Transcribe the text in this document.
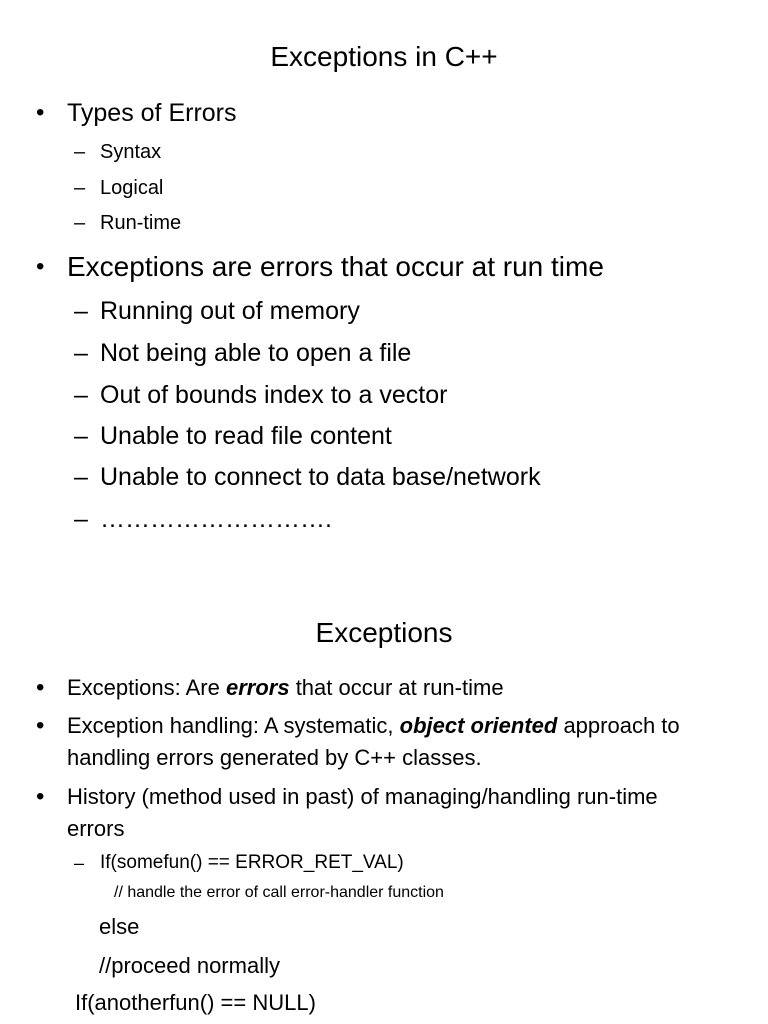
Exceptions in C++
• Types of Errors
– Syntax
– Logical
– Run-time
• Exceptions are errors that occur at run time
– Running out of memory
– Not being able to open a file
– Out of bounds index to a vector
– Unable to read file content
– Unable to connect to data base/network
– ……………………….
Exceptions
• Exceptions: Are errors that occur at run-time
• Exception handling: A systematic, object oriented approach to handling errors generated by C++ classes.
• History (method used in past) of managing/handling run-time errors
– If(somefun() == ERROR_RET_VAL)
// handle the error of call error-handler function
else
//proceed normally
If(anotherfun() == NULL)
